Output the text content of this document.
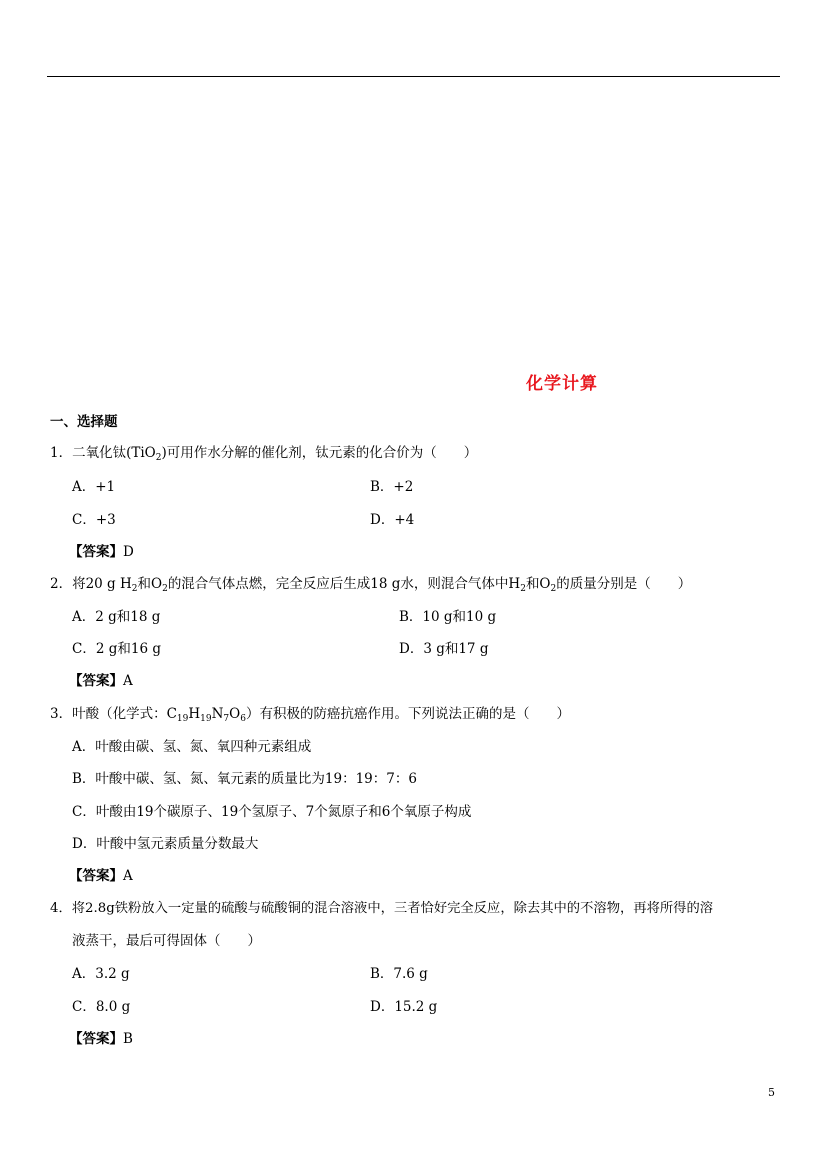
化学计算
一、选择题
1．二氧化钛(TiO$_2$)可用作水分解的催化剂，钛元素的化合价为（　　）
A．+1	B．+2
C．+3	D．+4
【答案】D
2．将20 g $H_2$和$O_2$的混合气体点燃，完全反应后生成18 g水，则混合气体中$H_2$和$O_2$的质量分别是（　　）
A．2 g和18 g	B．10 g和10 g
C．2 g和16 g	D．3 g和17 g
【答案】A
3．叶酸（化学式：$C_{19}H_{19}N_7O_6$）有积极的防癌抗癌作用。下列说法正确的是（　　）
A．叶酸由碳、氢、氮、氧四种元素组成
B．叶酸中碳、氢、氮、氧元素的质量比为19：19：7：6
C．叶酸由19个碳原子、19个氢原子、7个氮原子和6个氧原子构成
D．叶酸中氢元素质量分数最大
【答案】A
4．将2.8g铁粉放入一定量的硫酸与硫酸铜的混合溶液中，三者恰好完全反应，除去其中的不溶物，再将所得的溶
液蒸干，最后可得固体（　　）
A．3.2 g	B．7.6 g
C．8.0 g	D．15.2 g
【答案】B
5
